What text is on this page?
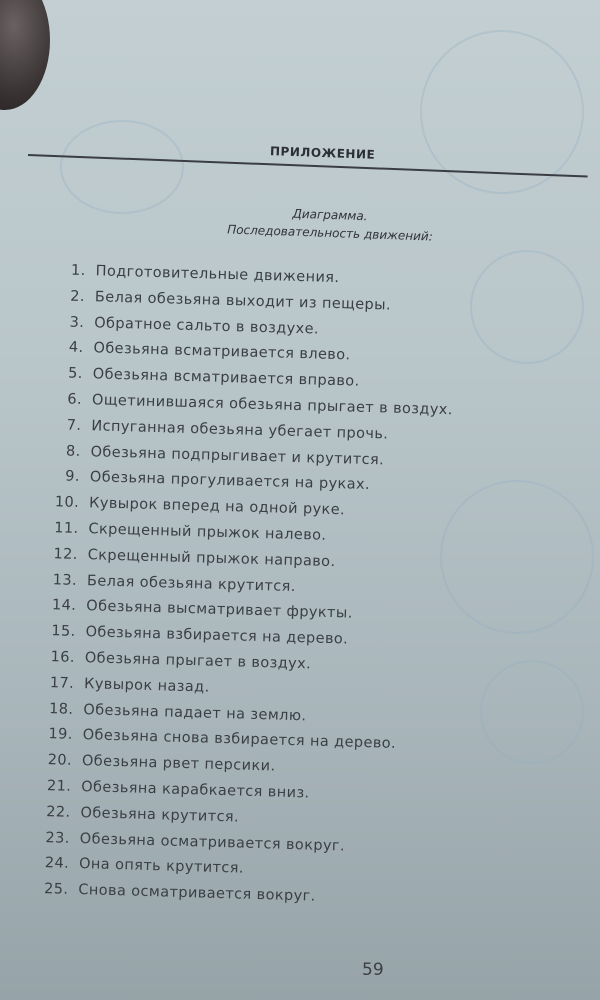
ПРИЛОЖЕНИЕ
Диаграмма.
Последовательность движений:
1. Подготовительные движения.
2. Белая обезьяна выходит из пещеры.
3. Обратное сальто в воздухе.
4. Обезьяна всматривается влево.
5. Обезьяна всматривается вправо.
6. Ощетинившаяся обезьяна прыгает в воздух.
7. Испуганная обезьяна убегает прочь.
8. Обезьяна подпрыгивает и крутится.
9. Обезьяна прогуливается на руках.
10. Кувырок вперед на одной руке.
11. Скрещенный прыжок налево.
12. Скрещенный прыжок направо.
13. Белая обезьяна крутится.
14. Обезьяна высматривает фрукты.
15. Обезьяна взбирается на дерево.
16. Обезьяна прыгает в воздух.
17. Кувырок назад.
18. Обезьяна падает на землю.
19. Обезьяна снова взбирается на дерево.
20. Обезьяна рвет персики.
21. Обезьяна карабкается вниз.
22. Обезьяна крутится.
23. Обезьяна осматривается вокруг.
24. Она опять крутится.
25. Снова осматривается вокруг.
59
